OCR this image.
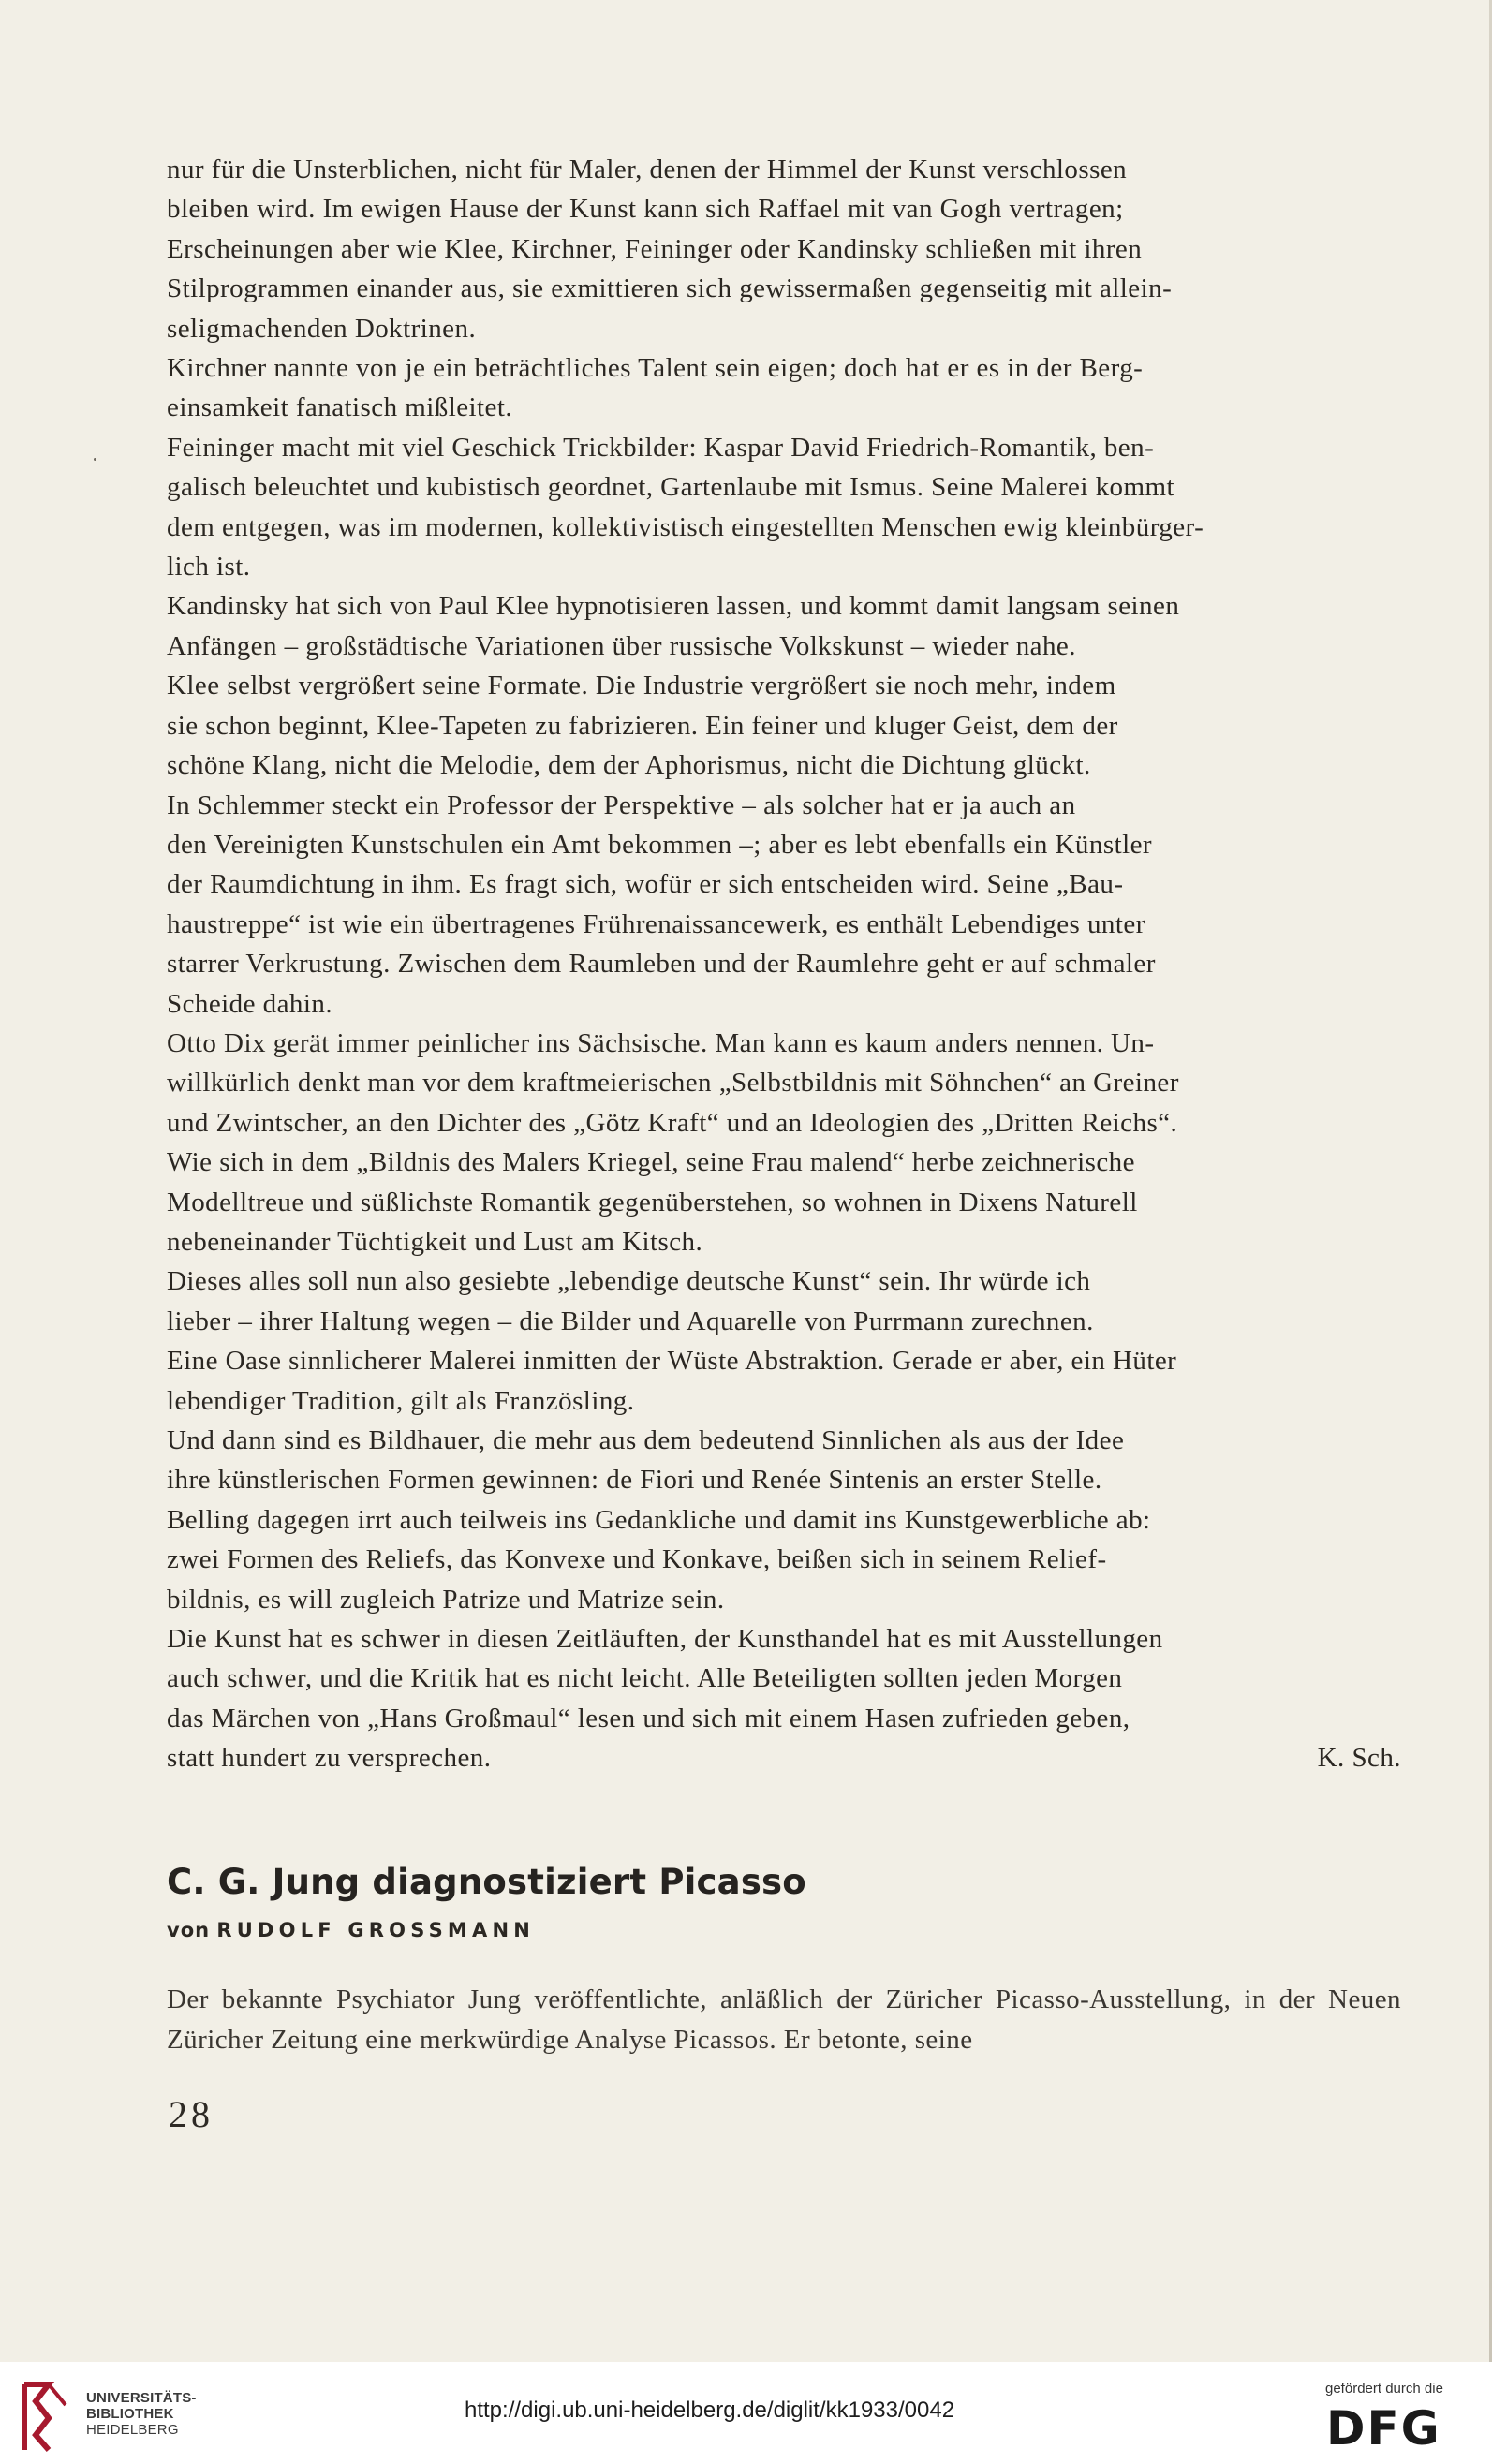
nur für die Unsterblichen, nicht für Maler, denen der Himmel der Kunst verschlossen
bleiben wird. Im ewigen Hause der Kunst kann sich Raffael mit van Gogh vertragen;
Erscheinungen aber wie Klee, Kirchner, Feininger oder Kandinsky schließen mit ihren
Stilprogrammen einander aus, sie exmittieren sich gewissermaßen gegenseitig mit allein-
seligmachenden Doktrinen.

Kirchner nannte von je ein beträchtliches Talent sein eigen; doch hat er es in der Berg-
einsamkeit fanatisch mißleitet.

Feininger macht mit viel Geschick Trickbilder: Kaspar David Friedrich-Romantik, ben-
galisch beleuchtet und kubistisch geordnet, Gartenlaube mit Ismus. Seine Malerei kommt
dem entgegen, was im modernen, kollektivistisch eingestellten Menschen ewig kleinbürger-
lich ist.

Kandinsky hat sich von Paul Klee hypnotisieren lassen, und kommt damit langsam seinen
Anfängen – großstädtische Variationen über russische Volkskunst – wieder nahe.

Klee selbst vergrößert seine Formate. Die Industrie vergrößert sie noch mehr, indem
sie schon beginnt, Klee-Tapeten zu fabrizieren. Ein feiner und kluger Geist, dem der
schöne Klang, nicht die Melodie, dem der Aphorismus, nicht die Dichtung glückt.

In Schlemmer steckt ein Professor der Perspektive – als solcher hat er ja auch an
den Vereinigten Kunstschulen ein Amt bekommen –; aber es lebt ebenfalls ein Künstler
der Raumdichtung in ihm. Es fragt sich, wofür er sich entscheiden wird. Seine „Bau-
haustreppe“ ist wie ein übertragenes Frührenaissancewerk, es enthält Lebendiges unter
starrer Verkrustung. Zwischen dem Raumleben und der Raumlehre geht er auf schmaler
Scheide dahin.

Otto Dix gerät immer peinlicher ins Sächsische. Man kann es kaum anders nennen. Un-
willkürlich denkt man vor dem kraftmeierischen „Selbstbildnis mit Söhnchen“ an Greiner
und Zwintscher, an den Dichter des „Götz Kraft“ und an Ideologien des „Dritten Reichs“.
Wie sich in dem „Bildnis des Malers Kriegel, seine Frau malend“ herbe zeichnerische
Modelltreue und süßlichste Romantik gegenüberstehen, so wohnen in Dixens Naturell
nebeneinander Tüchtigkeit und Lust am Kitsch.

Dieses alles soll nun also gesiebte „lebendige deutsche Kunst“ sein. Ihr würde ich
lieber – ihrer Haltung wegen – die Bilder und Aquarelle von Purrmann zurechnen.
Eine Oase sinnlicherer Malerei inmitten der Wüste Abstraktion. Gerade er aber, ein Hüter
lebendiger Tradition, gilt als Französling.

Und dann sind es Bildhauer, die mehr aus dem bedeutend Sinnlichen als aus der Idee
ihre künstlerischen Formen gewinnen: de Fiori und Renée Sintenis an erster Stelle.
Belling dagegen irrt auch teilweis ins Gedankliche und damit ins Kunstgewerbliche ab:
zwei Formen des Reliefs, das Konvexe und Konkave, beißen sich in seinem Relief-
bildnis, es will zugleich Patrize und Matrize sein.

Die Kunst hat es schwer in diesen Zeitläuften, der Kunsthandel hat es mit Ausstellungen
auch schwer, und die Kritik hat es nicht leicht. Alle Beteiligten sollten jeden Morgen
das Märchen von „Hans Großmaul“ lesen und sich mit einem Hasen zufrieden geben,

K. Sch.
statt hundert zu versprechen.

C. G. Jung diagnostiziert Picasso
von RUDOLF GROSSMANN

Der bekannte Psychiator Jung veröffentlichte, anläßlich der Züricher Picasso-Ausstellung, in der Neuen Züricher Zeitung eine merkwürdige Analyse Picassos. Er betonte, seine

28
UNIVERSITÄTS-
BIBLIOTHEK
HEIDELBERG
http://digi.ub.uni-heidelberg.de/diglit/kk1933/0042
gefördert durch die
DFG
